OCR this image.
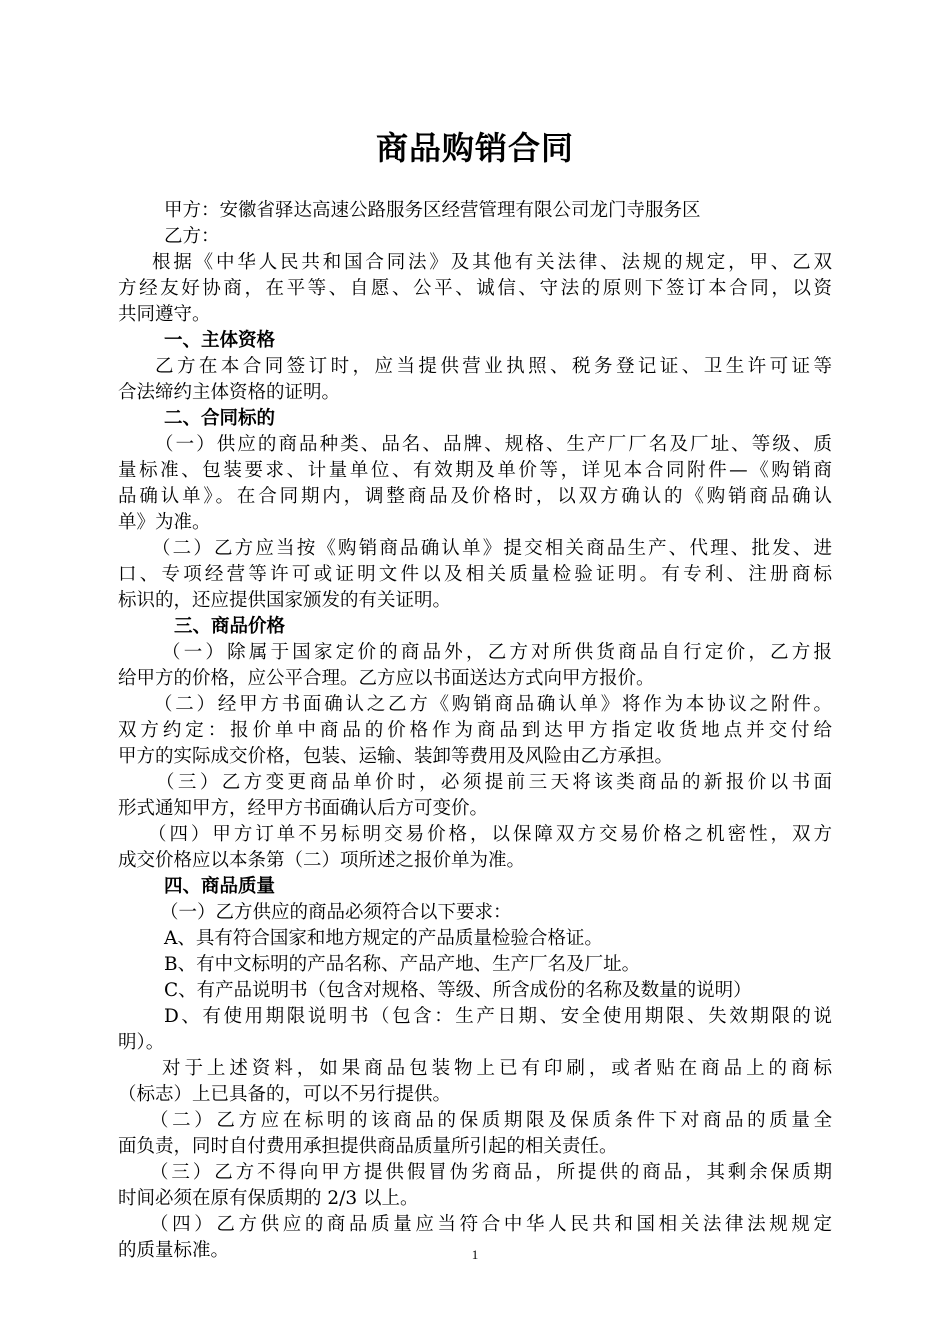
商品购销合同
甲方：安徽省驿达高速公路服务区经营管理有限公司龙门寺服务区
乙方：
根据《中华人民共和国合同法》及其他有关法律、法规的规定，甲、乙双
方经友好协商，在平等、自愿、公平、诚信、守法的原则下签订本合同，以资
共同遵守。
一、主体资格
乙方在本合同签订时，应当提供营业执照、税务登记证、卫生许可证等
合法缔约主体资格的证明。
二、合同标的
（一）供应的商品种类、品名、品牌、规格、生产厂厂名及厂址、等级、质
量标准、包装要求、计量单位、有效期及单价等，详见本合同附件—《购销商
品确认单》。在合同期内，调整商品及价格时，以双方确认的《购销商品确认
单》为准。
（二）乙方应当按《购销商品确认单》提交相关商品生产、代理、批发、进
口、专项经营等许可或证明文件以及相关质量检验证明。有专利、注册商标
标识的，还应提供国家颁发的有关证明。
三、商品价格
（一）除属于国家定价的商品外，乙方对所供货商品自行定价，乙方报
给甲方的价格，应公平合理。乙方应以书面送达方式向甲方报价。
（二）经甲方书面确认之乙方《购销商品确认单》将作为本协议之附件。
双方约定：报价单中商品的价格作为商品到达甲方指定收货地点并交付给
甲方的实际成交价格，包装、运输、装卸等费用及风险由乙方承担。
（三）乙方变更商品单价时，必须提前三天将该类商品的新报价以书面
形式通知甲方，经甲方书面确认后方可变价。
（四）甲方订单不另标明交易价格，以保障双方交易价格之机密性，双方
成交价格应以本条第（二）项所述之报价单为准。
四、商品质量
（一）乙方供应的商品必须符合以下要求：
A、具有符合国家和地方规定的产品质量检验合格证。
B、有中文标明的产品名称、产品产地、生产厂名及厂址。
C、有产品说明书（包含对规格、等级、所含成份的名称及数量的说明）
D、有使用期限说明书（包含：生产日期、安全使用期限、失效期限的说
明）。
对于上述资料，如果商品包装物上已有印刷，或者贴在商品上的商标
（标志）上已具备的，可以不另行提供。
（二）乙方应在标明的该商品的保质期限及保质条件下对商品的质量全
面负责，同时自付费用承担提供商品质量所引起的相关责任。
（三）乙方不得向甲方提供假冒伪劣商品，所提供的商品，其剩余保质期
时间必须在原有保质期的 2/3 以上。
（四）乙方供应的商品质量应当符合中华人民共和国相关法律法规规定
的质量标准。	1
